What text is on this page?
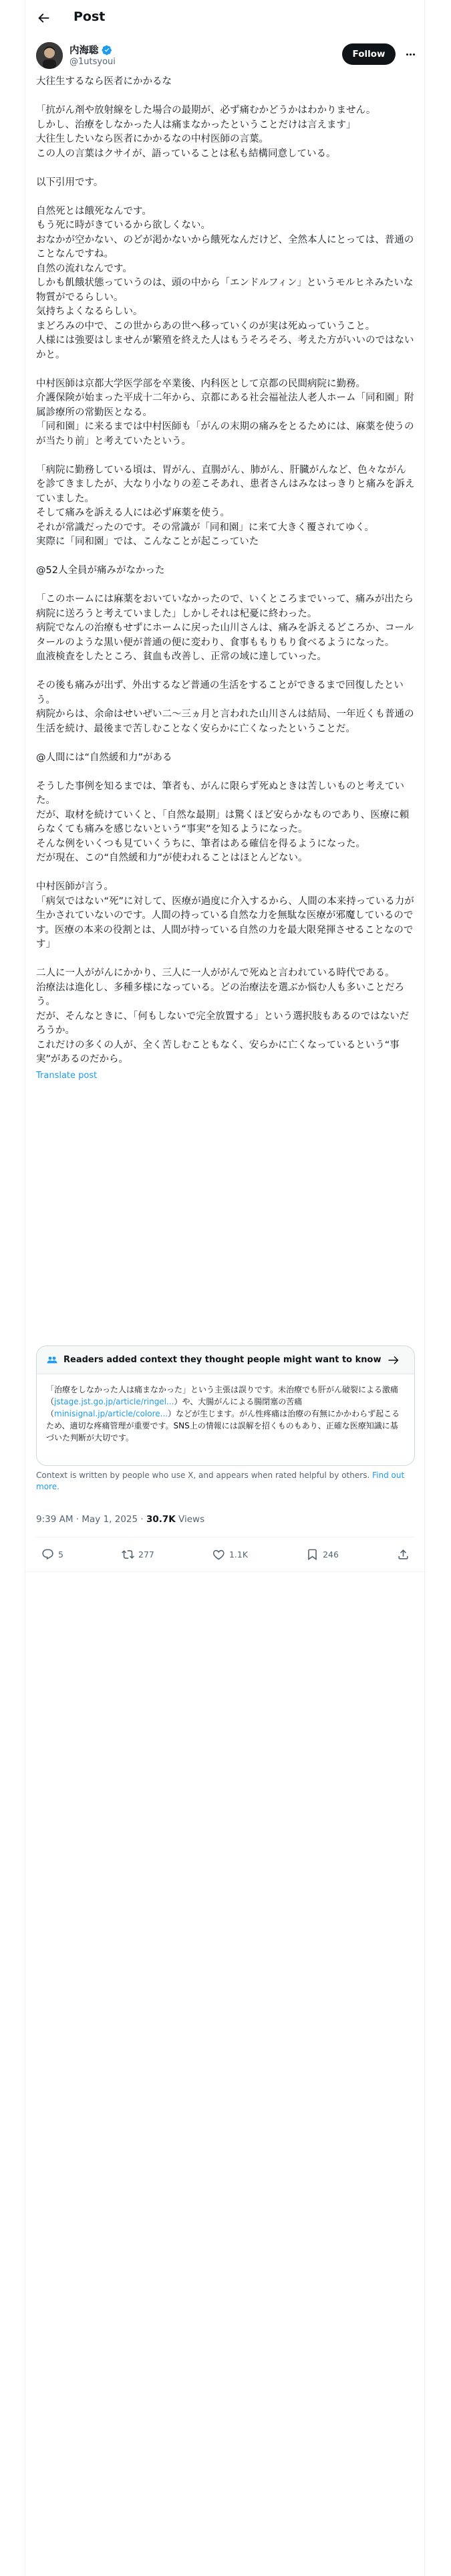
Post
内海聡
@1utsyoui
Follow

大往生するなら医者にかかるな

「抗がん剤や放射線をした場合の最期が、必ず痛むかどうかはわかりません。
しかし、治療をしなかった人は痛まなかったということだけは言えます」
大往生したいなら医者にかかるなの中村医師の言葉。
この人の言葉はクサイが、語っていることは私も結構同意している。

以下引用です。

自然死とは餓死なんです。
もう死に時がきているから欲しくない。
おなかが空かない、のどが渇かないから餓死なんだけど、全然本人にとっては、普通のことなんですね。
自然の流れなんです。
しかも飢餓状態っていうのは、頭の中から「エンドルフィン」というモルヒネみたいな物質がでるらしい。
気持ちよくなるらしい。
まどろみの中で、この世からあの世へ移っていくのが実は死ぬっていうこと。
人様には強要はしませんが繁殖を終えた人はもうそろそろ、考えた方がいいのではないかと。

中村医師は京都大学医学部を卒業後、内科医として京都の民間病院に勤務。
介護保険が始まった平成十二年から、京都にある社会福祉法人老人ホーム「同和園」附属診療所の常勤医となる。
「同和園」に来るまでは中村医師も「がんの末期の痛みをとるためには、麻薬を使うのが当たり前」と考えていたという。

「病院に勤務している頃は、胃がん、直腸がん、肺がん、肝臓がんなど、色々ながんを診てきましたが、大なり小なりの差こそあれ、患者さんはみなはっきりと痛みを訴えていました。
そして痛みを訴える人には必ず麻薬を使う。
それが常識だったのです。その常識が「同和園」に来て大きく覆されてゆく。
実際に「同和園」では、こんなことが起こっていた

@52人全員が痛みがなかった

「このホームには麻薬をおいていなかったので、いくところまでいって、痛みが出たら病院に送ろうと考えていました」しかしそれは杞憂に終わった。
病院でなんの治療もせずにホームに戻った山川さんは、痛みを訴えるどころか、コールタールのような黒い便が普通の便に変わり、食事ももりもり食べるようになった。
血液検査をしたところ、貧血も改善し、正常の域に達していった。

その後も痛みが出ず、外出するなど普通の生活をすることができるまで回復したという。
病院からは、余命はせいぜい二〜三ヵ月と言われた山川さんは結局、一年近くも普通の生活を続け、最後まで苦しむことなく安らかに亡くなったということだ。

@人間には“自然緩和力”がある

そうした事例を知るまでは、筆者も、がんに限らず死ぬときは苦しいものと考えていた。
だが、取材を続けていくと、「自然な最期」は驚くほど安らかなものであり、医療に頼らなくても痛みを感じないという“事実”を知るようになった。
そんな例をいくつも見ていくうちに、筆者はある確信を得るようになった。
だが現在、この“自然緩和力”が使われることはほとんどない。

中村医師が言う。
「病気ではない“死”に対して、医療が過度に介入するから、人間の本来持っている力が生かされていないのです。人間の持っている自然な力を無駄な医療が邪魔しているのです。医療の本来の役割とは、人間が持っている自然の力を最大限発揮させることなのです」

二人に一人ががんにかかり、三人に一人ががんで死ぬと言われている時代である。
治療法は進化し、多種多様になっている。どの治療法を選ぶか悩む人も多いことだろう。
だが、そんなときに、「何もしないで完全放置する」という選択肢もあるのではないだろうか。
これだけの多くの人が、全く苦しむこともなく、安らかに亡くなっているという“事実”があるのだから。

Translate post
Readers added context they thought people might want to know
「治療をしなかった人は痛まなかった」という主張は誤りです。未治療でも肝がん破裂による激痛（jstage.jst.go.jp/article/ringel...）や、大腸がんによる腸閉塞の苦痛（minisignal.jp/article/colore...）などが生じます。がん性疼痛は治療の有無にかかわらず起こるため、適切な疼痛管理が重要です。SNS上の情報には誤解を招くものもあり、正確な医療知識に基づいた判断が大切です。
Context is written by people who use X, and appears when rated helpful by others. Find out more.
9:39 AM · May 1, 2025 · 30.7K Views
5	277	1.1K	246
